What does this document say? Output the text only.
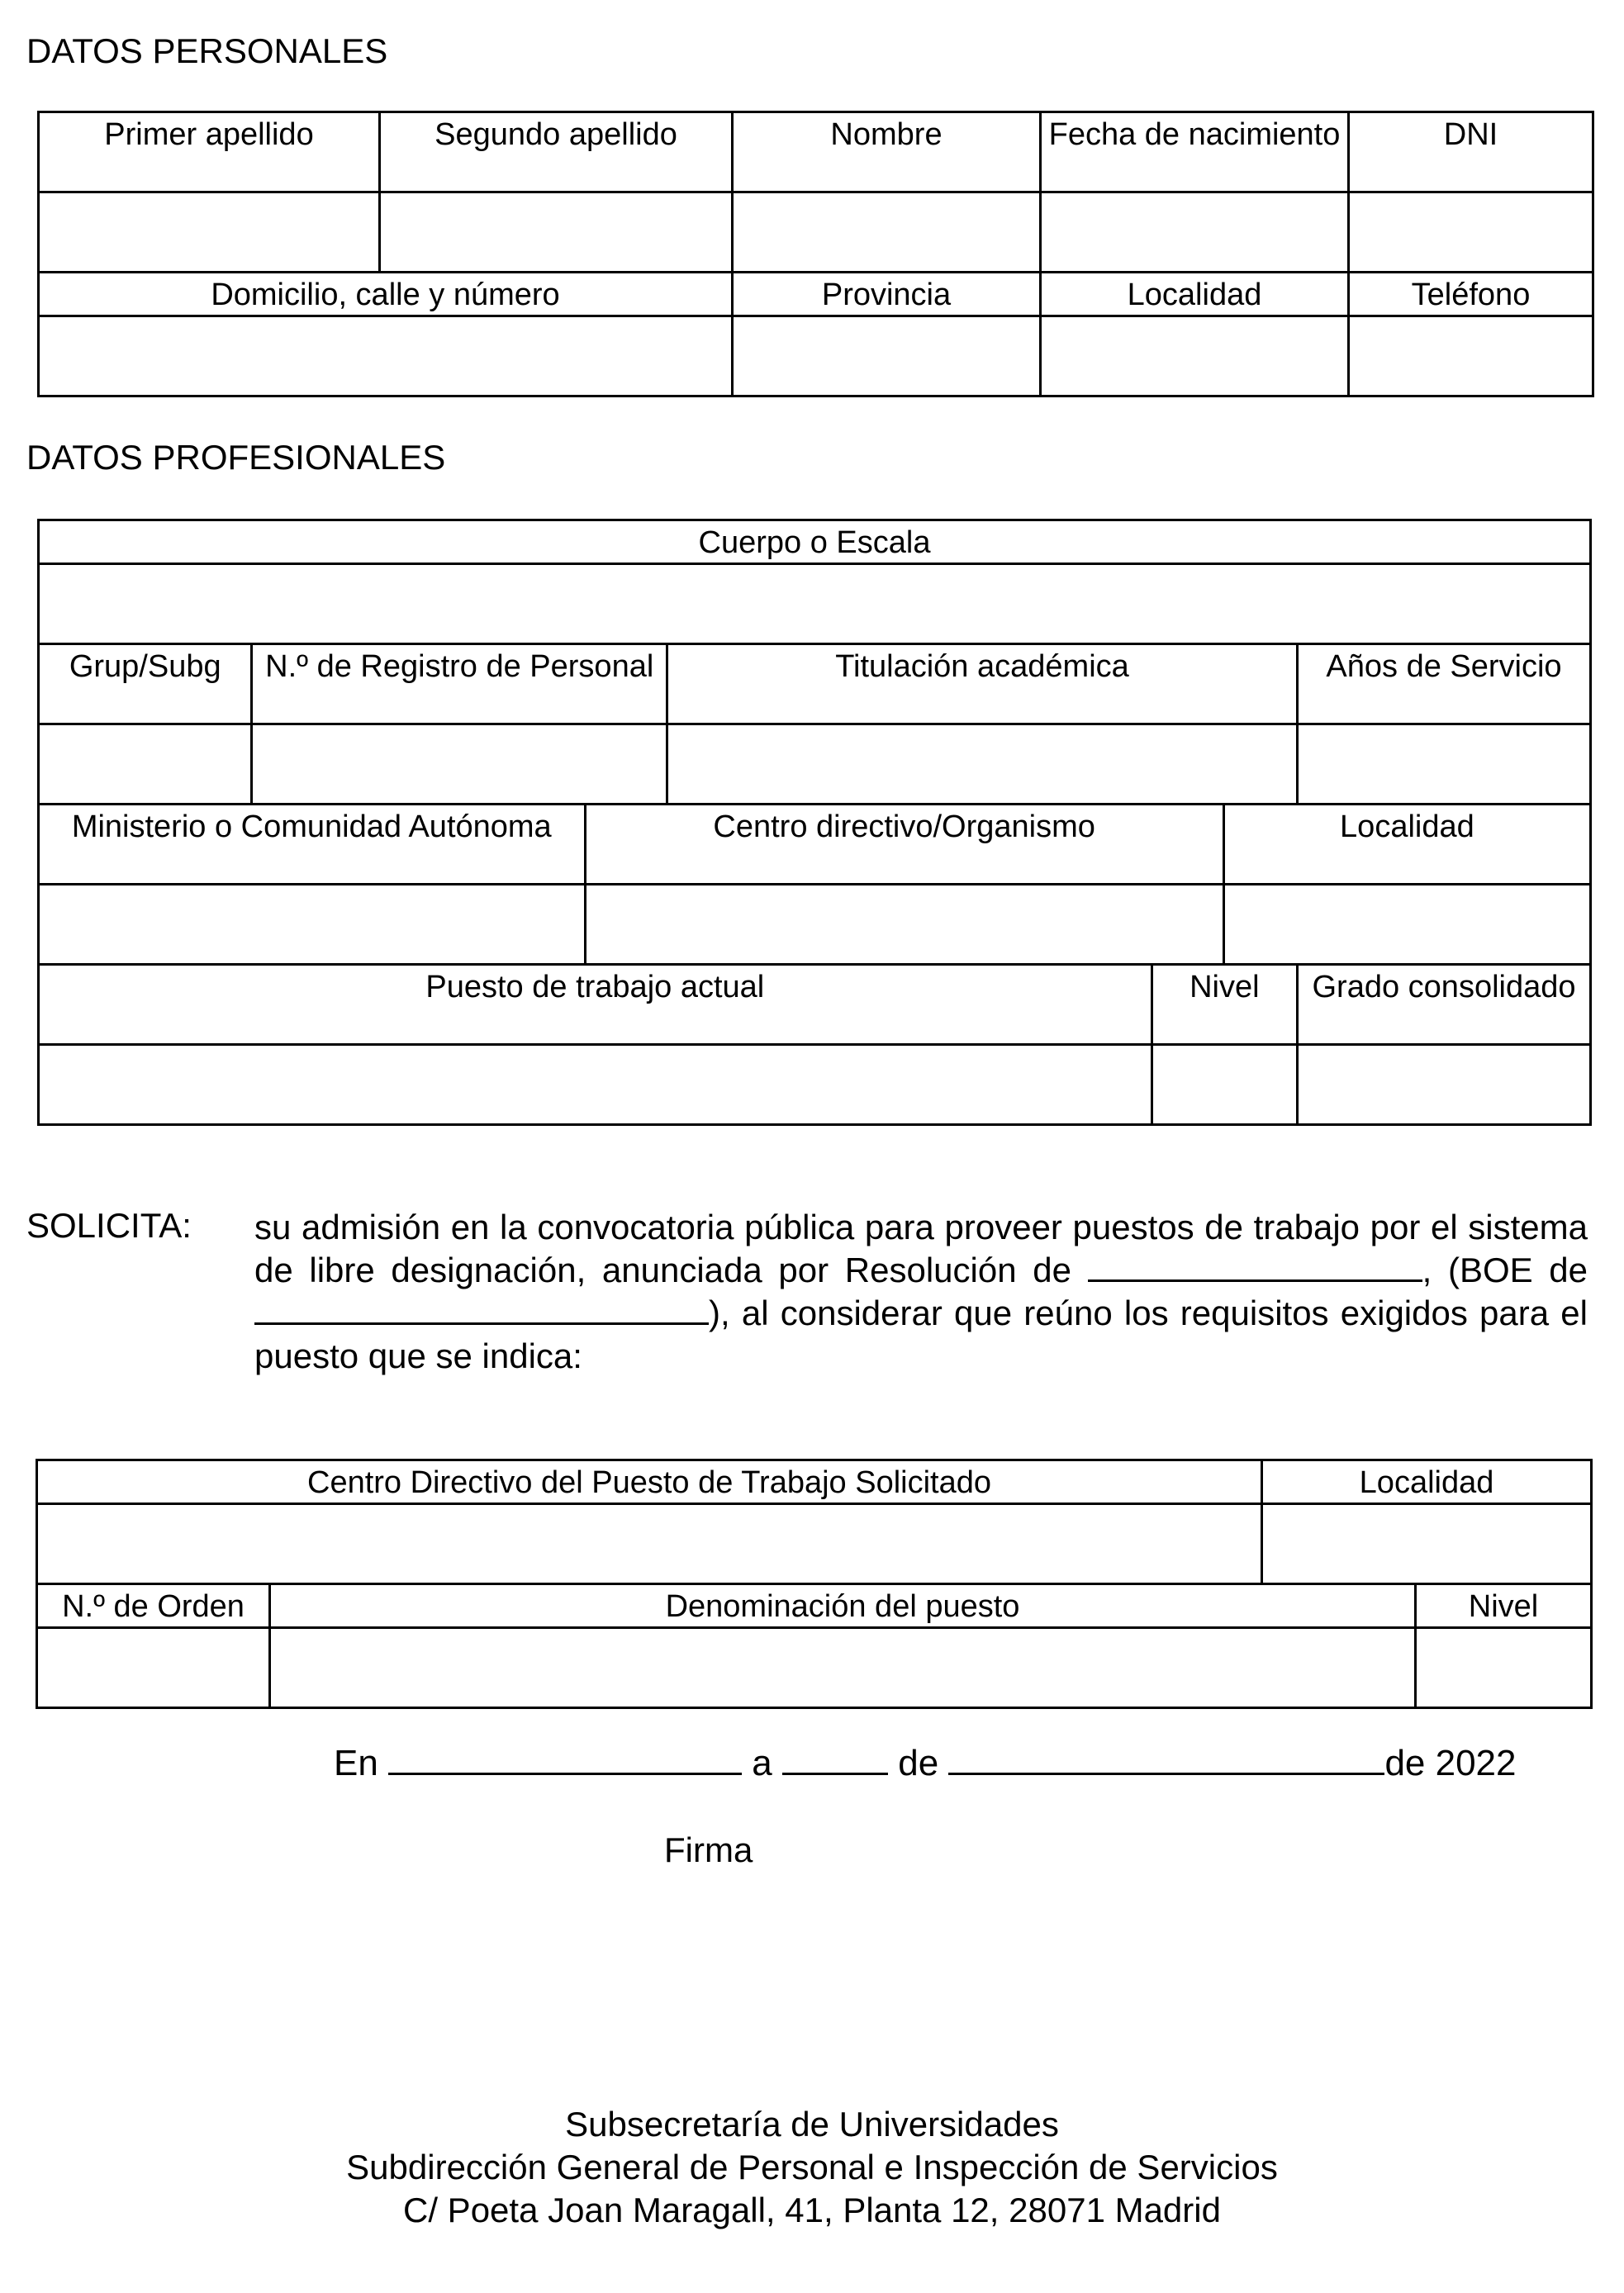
DATOS PERSONALES
Primer apellido	Segundo apellido	Nombre	Fecha de nacimiento	DNI

Domicilio, calle y número		Provincia	Localidad	Teléfono

DATOS PROFESIONALES
Cuerpo o Escala						

Grup/Subg	N.º de Registro de Personal		Titulación académica			Años de Servicio

Ministerio o Comunidad Autónoma		Centro directivo/Organismo			Localidad	

Puesto de trabajo actual				Nivel		Grado consolidado

SOLICITA: su admisión en la convocatoria pública para proveer puestos de trabajo por el sistema de libre designación, anunciada por Resolución de	, (BOE de), al considerar que reúno los requisitos exigidos para el puesto que se indica:
Centro Directivo del Puesto de Trabajo Solicitado		Localidad	

N.º de Orden	Denominación del puesto		Nivel

En	a	de	de 2022
Firma
Subsecretaría de Universidades
Subdirección General de Personal e Inspección de Servicios
C/ Poeta Joan Maragall, 41, Planta 12, 28071 Madrid
